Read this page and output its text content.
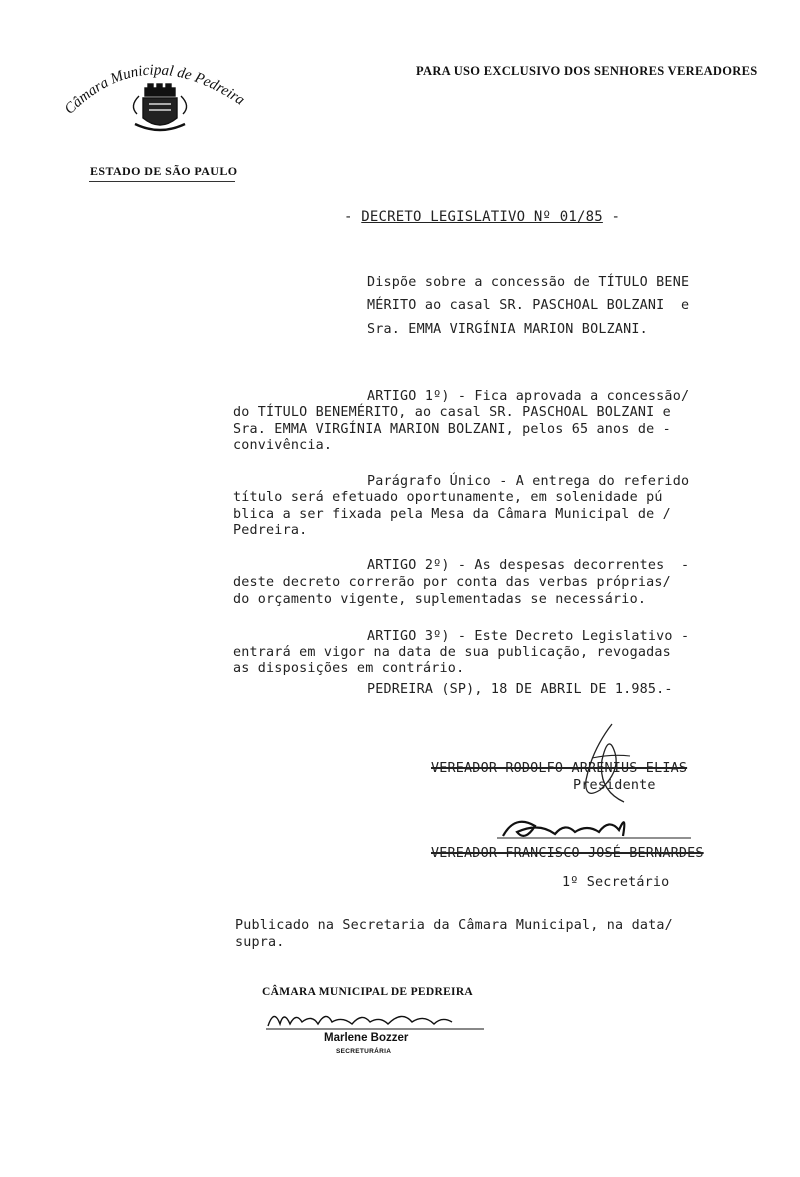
Câmara Municipal de Pedreira
PARA USO EXCLUSIVO DOS SENHORES VEREADORES
ESTADO DE SÃO PAULO
- DECRETO LEGISLATIVO Nº 01/85 -
Dispõe sobre a concessão de TÍTULO BENE
MÉRITO ao casal SR. PASCHOAL BOLZANI  e
Sra. EMMA VIRGÍNIA MARION BOLZANI.
ARTIGO 1º) - Fica aprovada a concessão/
do TÍTULO BENEMÉRITO, ao casal SR. PASCHOAL BOLZANI e
Sra. EMMA VIRGÍNIA MARION BOLZANI, pelos 65 anos de -
convivência.
Parágrafo Único - A entrega do referido
título será efetuado oportunamente, em solenidade pú
blica a ser fixada pela Mesa da Câmara Municipal de /
Pedreira.
ARTIGO 2º) - As despesas decorrentes  -
deste decreto correrão por conta das verbas próprias/
do orçamento vigente, suplementadas se necessário.
ARTIGO 3º) - Este Decreto Legislativo -
entrará em vigor na data de sua publicação, revogadas
as disposições em contrário.
PEDREIRA (SP), 18 DE ABRIL DE 1.985.-
VEREADOR RODOLFO ARRENIUS ELIAS
Presidente
VEREADOR FRANCISCO JOSÉ BERNARDES
1º Secretário
Publicado na Secretaria da Câmara Municipal, na data/
supra.
CÂMARA MUNICIPAL DE PEDREIRA
Marlene Bozzer
SECRETURÁRIA
